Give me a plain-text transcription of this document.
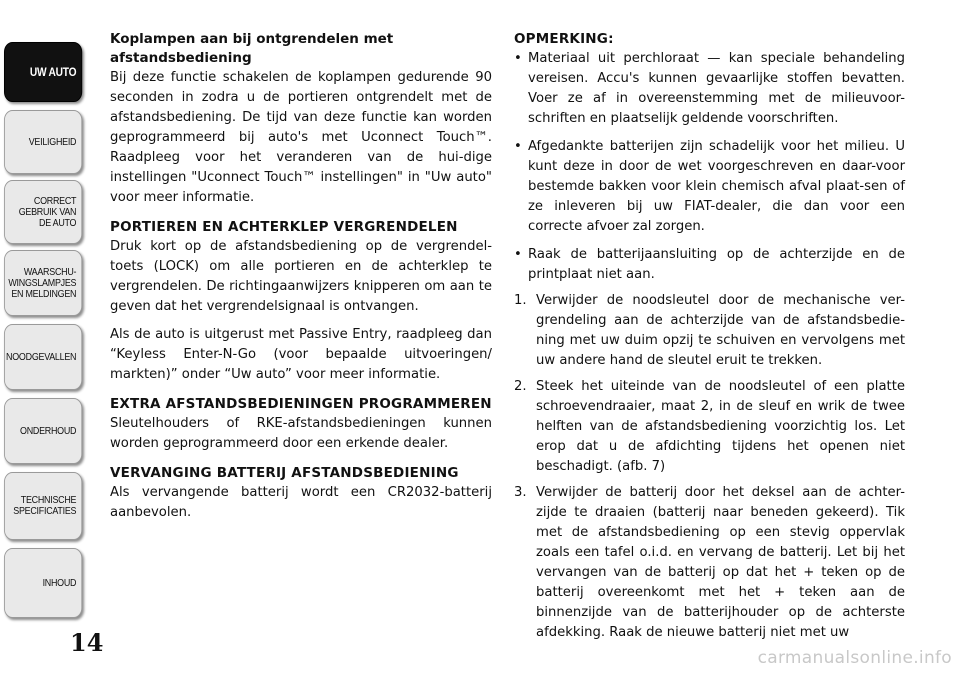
UW AUTO
VEILIGHEID
CORRECT
GEBRUIK VAN
DE AUTO
WAARSCHU-
WINGSLAMPJES
EN MELDINGEN
NOODGEVALLEN
ONDERHOUD
TECHNISCHE
SPECIFICATIES
INHOUD
14
Koplampen aan bij ontgrendelen met afstandsbediening

Bij deze functie schakelen de koplampen gedurende 90 seconden in zodra u de portieren ontgrendelt met de afstandsbediening. De tijd van deze functie kan worden geprogrammeerd bij auto's met Uconnect Touch™. Raadpleeg voor het veranderen van de hui-dige instellingen "Uconnect Touch™ instellingen" in "Uw auto" voor meer informatie.

PORTIEREN EN ACHTERKLEP VERGRENDELEN

Druk kort op de afstandsbediening op de vergrendel-toets (LOCK) om alle portieren en de achterklep te vergrendelen. De richtingaanwijzers knipperen om aan te geven dat het vergrendelsignaal is ontvangen.

Als de auto is uitgerust met Passive Entry, raadpleeg dan “Keyless Enter-N-Go (voor bepaalde uitvoeringen/ markten)” onder “Uw auto” voor meer informatie.

EXTRA AFSTANDSBEDIENINGEN PROGRAMMEREN

Sleutelhouders of RKE-afstandsbedieningen kunnen worden geprogrammeerd door een erkende dealer.

VERVANGING BATTERIJ AFSTANDSBEDIENING

Als vervangende batterij wordt een CR2032-batterij aanbevolen.

OPMERKING:
• Materiaal uit perchloraat — kan speciale behandeling vereisen. Accu's kunnen gevaarlijke stoffen bevatten. Voer ze af in overeenstemming met de milieuvoor-schriften en plaatselijk geldende voorschriften.
• Afgedankte batterijen zijn schadelijk voor het milieu. U kunt deze in door de wet voorgeschreven en daar-voor bestemde bakken voor klein chemisch afval plaat-sen of ze inleveren bij uw FIAT-dealer, die dan voor een correcte afvoer zal zorgen.
• Raak de batterijaansluiting op de achterzijde en de printplaat niet aan.
1. Verwijder de noodsleutel door de mechanische ver-grendeling aan de achterzijde van de afstandsbedie-ning met uw duim opzij te schuiven en vervolgens met uw andere hand de sleutel eruit te trekken.
2. Steek het uiteinde van de noodsleutel of een platte schroevendraaier, maat 2, in de sleuf en wrik de twee helften van de afstandsbediening voorzichtig los. Let erop dat u de afdichting tijdens het openen niet beschadigt. (afb. 7)
3. Verwijder de batterij door het deksel aan de achter-zijde te draaien (batterij naar beneden gekeerd). Tik met de afstandsbediening op een stevig oppervlak zoals een tafel o.i.d. en vervang de batterij. Let bij het vervangen van de batterij op dat het + teken op de batterij overeenkomt met het + teken aan de binnenzijde van de batterijhouder op de achterste afdekking. Raak de nieuwe batterij niet met uw
carmanualsonline.info
